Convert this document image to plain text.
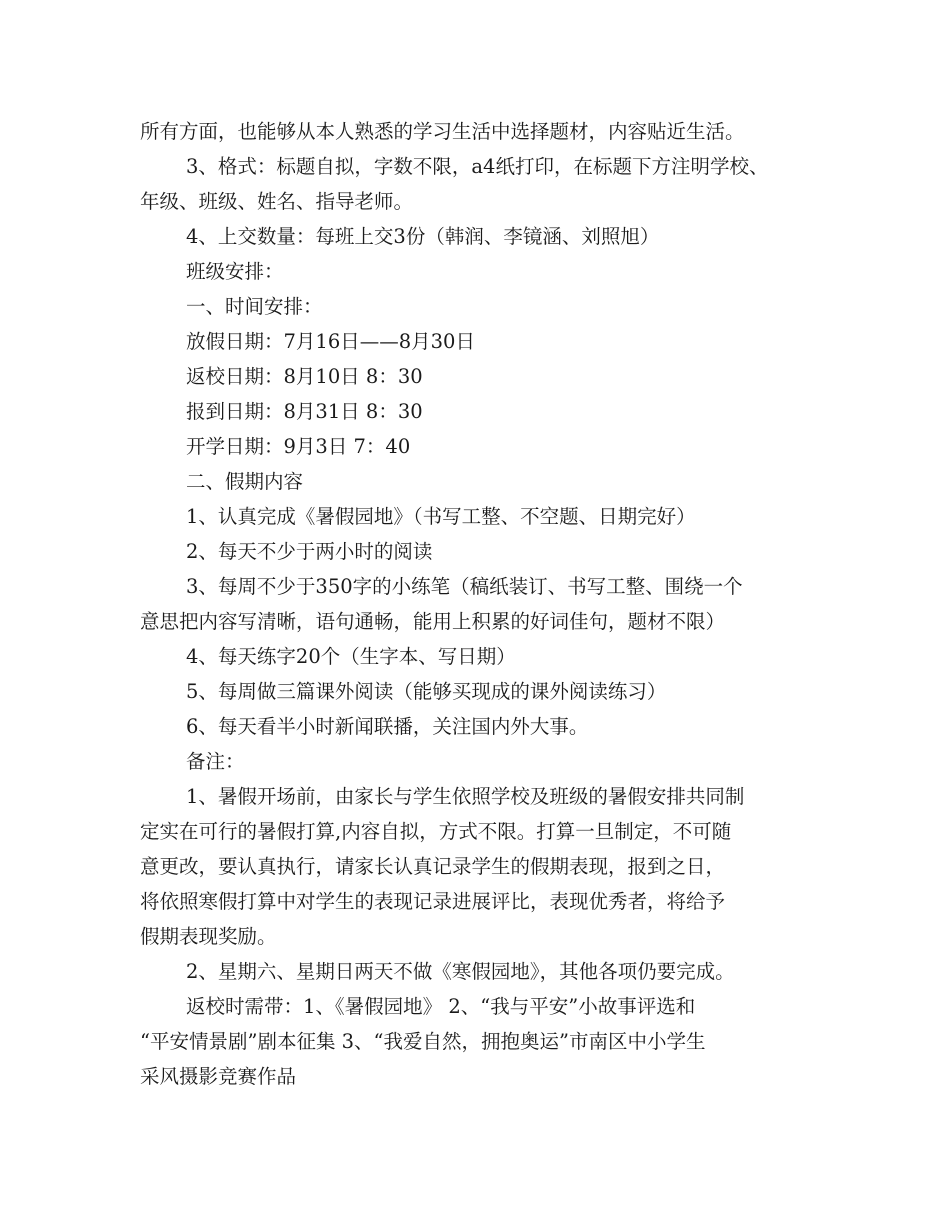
所有方面，也能够从本人熟悉的学习生活中选择题材，内容贴近生活。

3、格式：标题自拟，字数不限，a4纸打印，在标题下方注明学校、

年级、班级、姓名、指导老师。

4、上交数量：每班上交3份（韩润、李镜涵、刘照旭）

班级安排：

一、时间安排：

放假日期：7月16日——8月30日

返校日期：8月10日 8：30

报到日期：8月31日 8：30

开学日期：9月3日 7：40

二、假期内容

1、认真完成《暑假园地》（书写工整、不空题、日期完好）

2、每天不少于两小时的阅读

3、每周不少于350字的小练笔（稿纸装订、书写工整、围绕一个

意思把内容写清晰，语句通畅，能用上积累的好词佳句，题材不限）

4、每天练字20个（生字本、写日期）

5、每周做三篇课外阅读（能够买现成的课外阅读练习）

6、每天看半小时新闻联播，关注国内外大事。

备注：

1、暑假开场前，由家长与学生依照学校及班级的暑假安排共同制

定实在可行的暑假打算,内容自拟，方式不限。打算一旦制定，不可随

意更改，要认真执行，请家长认真记录学生的假期表现，报到之日，

将依照寒假打算中对学生的表现记录进展评比，表现优秀者，将给予

假期表现奖励。

2、星期六、星期日两天不做《寒假园地》，其他各项仍要完成。

返校时需带：1、《暑假园地》 2、“我与平安”小故事评选和

“平安情景剧”剧本征集 3、“我爱自然，拥抱奥运”市南区中小学生

采风摄影竞赛作品
